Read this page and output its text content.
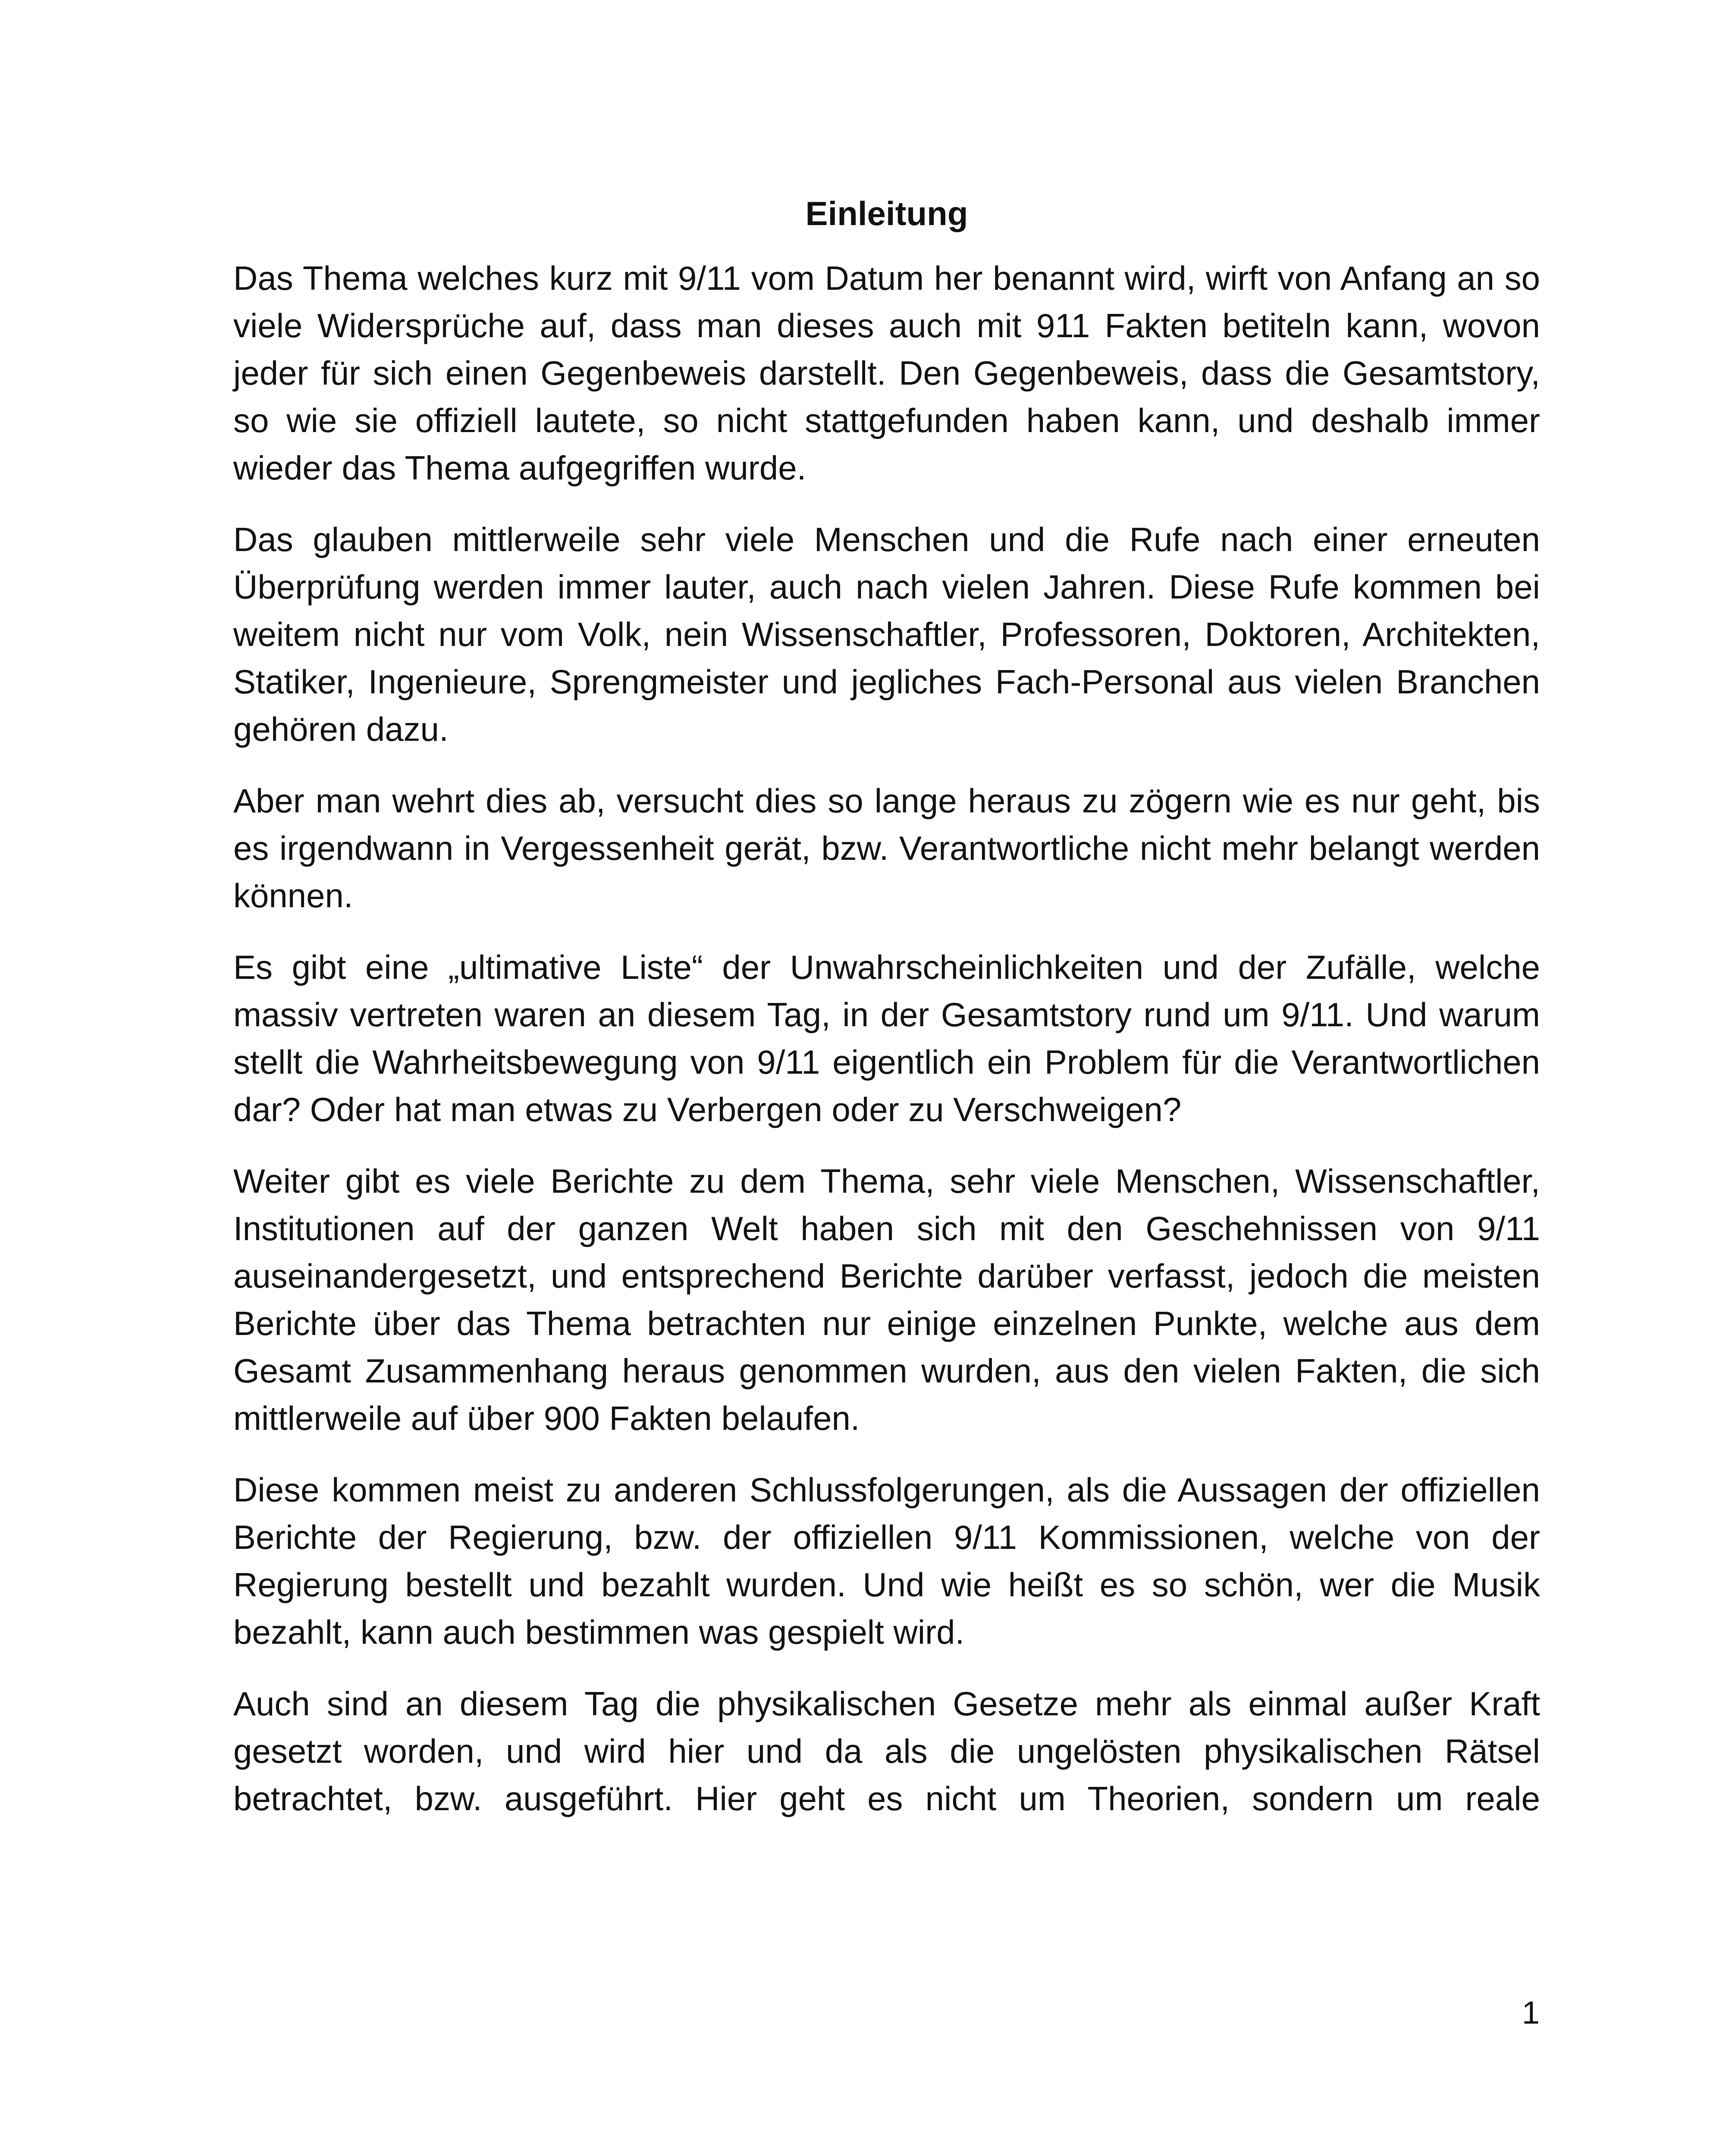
Einleitung

Das Thema welches kurz mit 9/11 vom Datum her benannt wird, wirft von Anfang an so viele Widersprüche auf, dass man dieses auch mit 911 Fakten betiteln kann, wovon jeder für sich einen Gegenbeweis darstellt. Den Gegenbeweis, dass die Gesamtstory, so wie sie offiziell lautete, so nicht stattgefunden haben kann, und deshalb immer wieder das Thema aufgegriffen wurde.

Das glauben mittlerweile sehr viele Menschen und die Rufe nach einer erneuten Überprüfung werden immer lauter, auch nach vielen Jahren. Diese Rufe kommen bei weitem nicht nur vom Volk, nein Wissenschaftler, Professoren, Doktoren, Architekten, Statiker, Ingenieure, Sprengmeister und jegliches Fach-Personal aus vielen Branchen gehören dazu.

Aber man wehrt dies ab, versucht dies so lange heraus zu zögern wie es nur geht, bis es irgendwann in Vergessenheit gerät, bzw. Verantwortliche nicht mehr belangt werden können.

Es gibt eine „ultimative Liste“ der Unwahrscheinlichkeiten und der Zufälle, welche massiv vertreten waren an diesem Tag, in der Gesamtstory rund um 9/11. Und warum stellt die Wahrheitsbewegung von 9/11 eigentlich ein Problem für die Verantwortlichen dar? Oder hat man etwas zu Verbergen oder zu Verschweigen?

Weiter gibt es viele Berichte zu dem Thema, sehr viele Menschen, Wissenschaftler, Institutionen auf der ganzen Welt haben sich mit den Geschehnissen von 9/11 auseinandergesetzt, und entsprechend Berichte darüber verfasst, jedoch die meisten Berichte über das Thema betrachten nur einige einzelnen Punkte, welche aus dem Gesamt Zusammenhang heraus genommen wurden, aus den vielen Fakten, die sich mittlerweile auf über 900 Fakten belaufen.

Diese kommen meist zu anderen Schlussfolgerungen, als die Aussagen der offiziellen Berichte der Regierung, bzw. der offiziellen 9/11 Kommissionen, welche von der Regierung bestellt und bezahlt wurden. Und wie heißt es so schön, wer die Musik bezahlt, kann auch bestimmen was gespielt wird.

Auch sind an diesem Tag die physikalischen Gesetze mehr als einmal außer Kraft gesetzt worden, und wird hier und da als die ungelösten physikalischen Rätsel betrachtet, bzw. ausgeführt. Hier geht es nicht um Theorien, sondern um reale

1
